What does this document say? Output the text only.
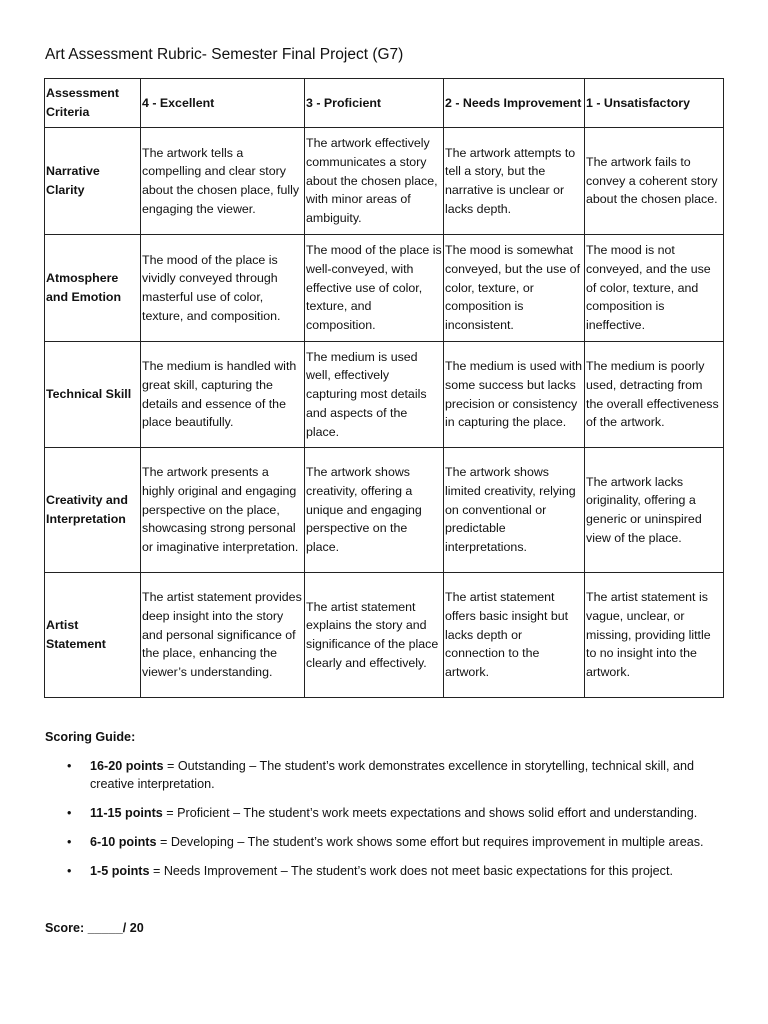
Art Assessment Rubric- Semester Final Project (G7)
Assessment Criteria	4 - Excellent	3 - Proficient	2 - Needs Improvement	1 - Unsatisfactory
Narrative Clarity	The artwork tells a compelling and clear story about the chosen place, fully engaging the viewer.	The artwork effectively communicates a story about the chosen place, with minor areas of ambiguity.	The artwork attempts to tell a story, but the narrative is unclear or lacks depth.	The artwork fails to convey a coherent story about the chosen place.
Atmosphere and Emotion	The mood of the place is vividly conveyed through masterful use of color, texture, and composition.	The mood of the place is well-conveyed, with effective use of color, texture, and composition.	The mood is somewhat conveyed, but the use of color, texture, or composition is inconsistent.	The mood is not conveyed, and the use of color, texture, and composition is ineffective.
Technical Skill	The medium is handled with great skill, capturing the details and essence of the place beautifully.	The medium is used well, effectively capturing most details and aspects of the place.	The medium is used with some success but lacks precision or consistency in capturing the place.	The medium is poorly used, detracting from the overall effectiveness of the artwork.
Creativity and Interpretation	The artwork presents a highly original and engaging perspective on the place, showcasing strong personal or imaginative interpretation.	The artwork shows creativity, offering a unique and engaging perspective on the place.	The artwork shows limited creativity, relying on conventional or predictable interpretations.	The artwork lacks originality, offering a generic or uninspired view of the place.
Artist Statement	The artist statement provides deep insight into the story and personal significance of the place, enhancing the viewer’s understanding.	The artist statement explains the story and significance of the place clearly and effectively.	The artist statement offers basic insight but lacks depth or connection to the artwork.	The artist statement is vague, unclear, or missing, providing little to no insight into the artwork.
Scoring Guide:
• 16-20 points = Outstanding – The student’s work demonstrates excellence in storytelling, technical skill, and creative interpretation.
• 11-15 points = Proficient – The student’s work meets expectations and shows solid effort and understanding.
• 6-10 points = Developing – The student’s work shows some effort but requires improvement in multiple areas.
• 1-5 points = Needs Improvement – The student’s work does not meet basic expectations for this project.
Score: _____/ 20
